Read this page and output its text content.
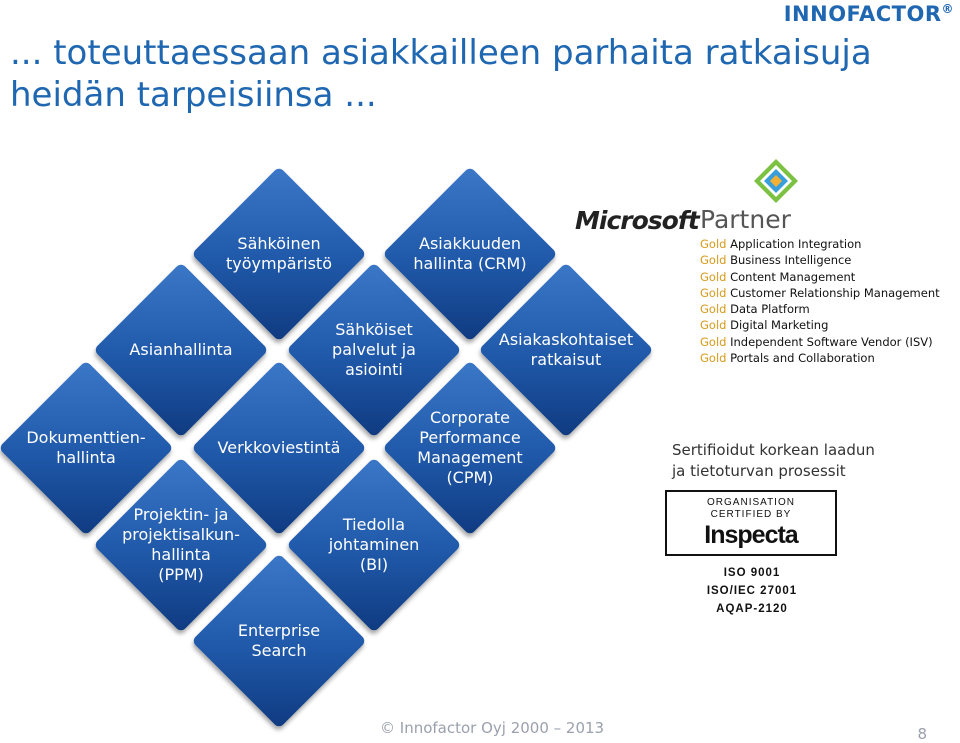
INNOFACTOR®
... toteuttaessaan asiakkailleen parhaita ratkaisuja
heidän tarpeisiinsa ...
Sähköinen
työympäristö
Asiakkuuden
hallinta (CRM)
Asianhallinta
Sähköiset
palvelut ja
asiointi
Asiakaskohtaiset
ratkaisut
Dokumenttien-
hallinta
Verkkoviestintä
Corporate
Performance
Management
(CPM)
Projektin- ja
projektisalkun-
hallinta
(PPM)
Tiedolla
johtaminen
(BI)
Enterprise
Search
Microsoft Partner
Gold Application Integration
Gold Business Intelligence
Gold Content Management
Gold Customer Relationship Management
Gold Data Platform
Gold Digital Marketing
Gold Independent Software Vendor (ISV)
Gold Portals and Collaboration
Sertifioidut korkean laadun
ja tietoturvan prosessit
ORGANISATION
CERTIFIED BY
Inspecta
ISO 9001
ISO/IEC 27001
AQAP-2120
© Innofactor Oyj 2000 – 2013	8
